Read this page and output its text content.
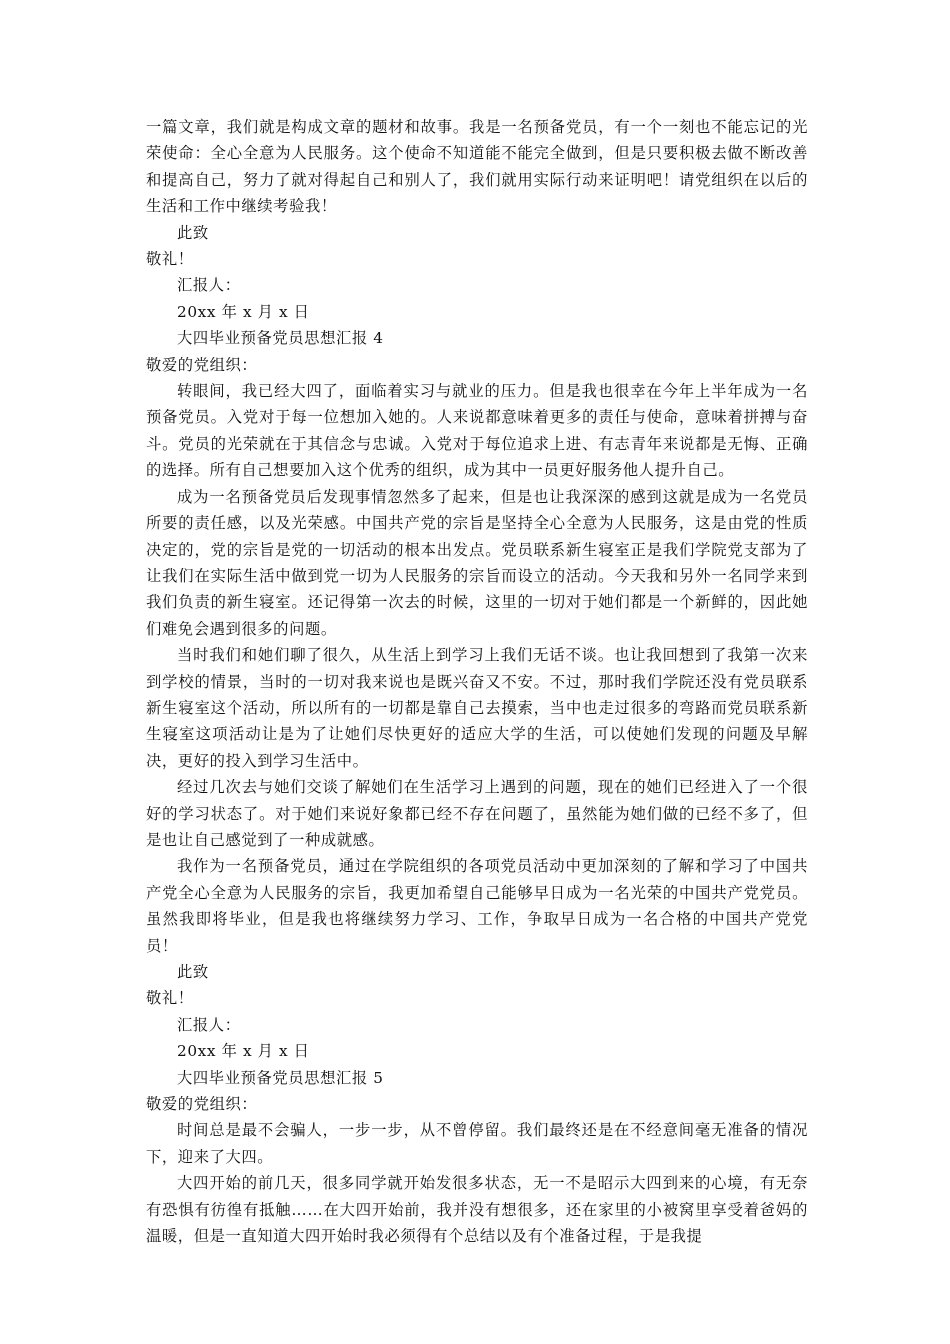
一篇文章，我们就是构成文章的题材和故事。我是一名预备党员，有一个一刻也不能忘记的光荣使命：全心全意为人民服务。这个使命不知道能不能完全做到，但是只要积极去做不断改善和提高自己，努力了就对得起自己和别人了，我们就用实际行动来证明吧！请党组织在以后的生活和工作中继续考验我！

此致

敬礼！

汇报人：

20xx 年 x 月 x 日

大四毕业预备党员思想汇报 4

敬爱的党组织：

转眼间，我已经大四了，面临着实习与就业的压力。但是我也很幸在今年上半年成为一名预备党员。入党对于每一位想加入她的。人来说都意味着更多的责任与使命，意味着拼搏与奋斗。党员的光荣就在于其信念与忠诚。入党对于每位追求上进、有志青年来说都是无悔、正确的选择。所有自己想要加入这个优秀的组织，成为其中一员更好服务他人提升自己。

成为一名预备党员后发现事情忽然多了起来，但是也让我深深的感到这就是成为一名党员所要的责任感，以及光荣感。中国共产党的宗旨是坚持全心全意为人民服务，这是由党的性质决定的，党的宗旨是党的一切活动的根本出发点。党员联系新生寝室正是我们学院党支部为了让我们在实际生活中做到党一切为人民服务的宗旨而设立的活动。今天我和另外一名同学来到我们负责的新生寝室。还记得第一次去的时候，这里的一切对于她们都是一个新鲜的，因此她们难免会遇到很多的问题。

当时我们和她们聊了很久，从生活上到学习上我们无话不谈。也让我回想到了我第一次来到学校的情景，当时的一切对我来说也是既兴奋又不安。不过，那时我们学院还没有党员联系新生寝室这个活动，所以所有的一切都是靠自己去摸索，当中也走过很多的弯路而党员联系新生寝室这项活动让是为了让她们尽快更好的适应大学的生活，可以使她们发现的问题及早解决，更好的投入到学习生活中。

经过几次去与她们交谈了解她们在生活学习上遇到的问题，现在的她们已经进入了一个很好的学习状态了。对于她们来说好象都已经不存在问题了，虽然能为她们做的已经不多了，但是也让自己感觉到了一种成就感。

我作为一名预备党员，通过在学院组织的各项党员活动中更加深刻的了解和学习了中国共产党全心全意为人民服务的宗旨，我更加希望自己能够早日成为一名光荣的中国共产党党员。虽然我即将毕业，但是我也将继续努力学习、工作，争取早日成为一名合格的中国共产党党员！

此致

敬礼！

汇报人：

20xx 年 x 月 x 日

大四毕业预备党员思想汇报 5

敬爱的党组织：

时间总是最不会骗人，一步一步，从不曾停留。我们最终还是在不经意间毫无准备的情况下，迎来了大四。

大四开始的前几天，很多同学就开始发很多状态，无一不是昭示大四到来的心境，有无奈有恐惧有彷徨有抵触……在大四开始前，我并没有想很多，还在家里的小被窝里享受着爸妈的温暖，但是一直知道大四开始时我必须得有个总结以及有个准备过程，于是我提
